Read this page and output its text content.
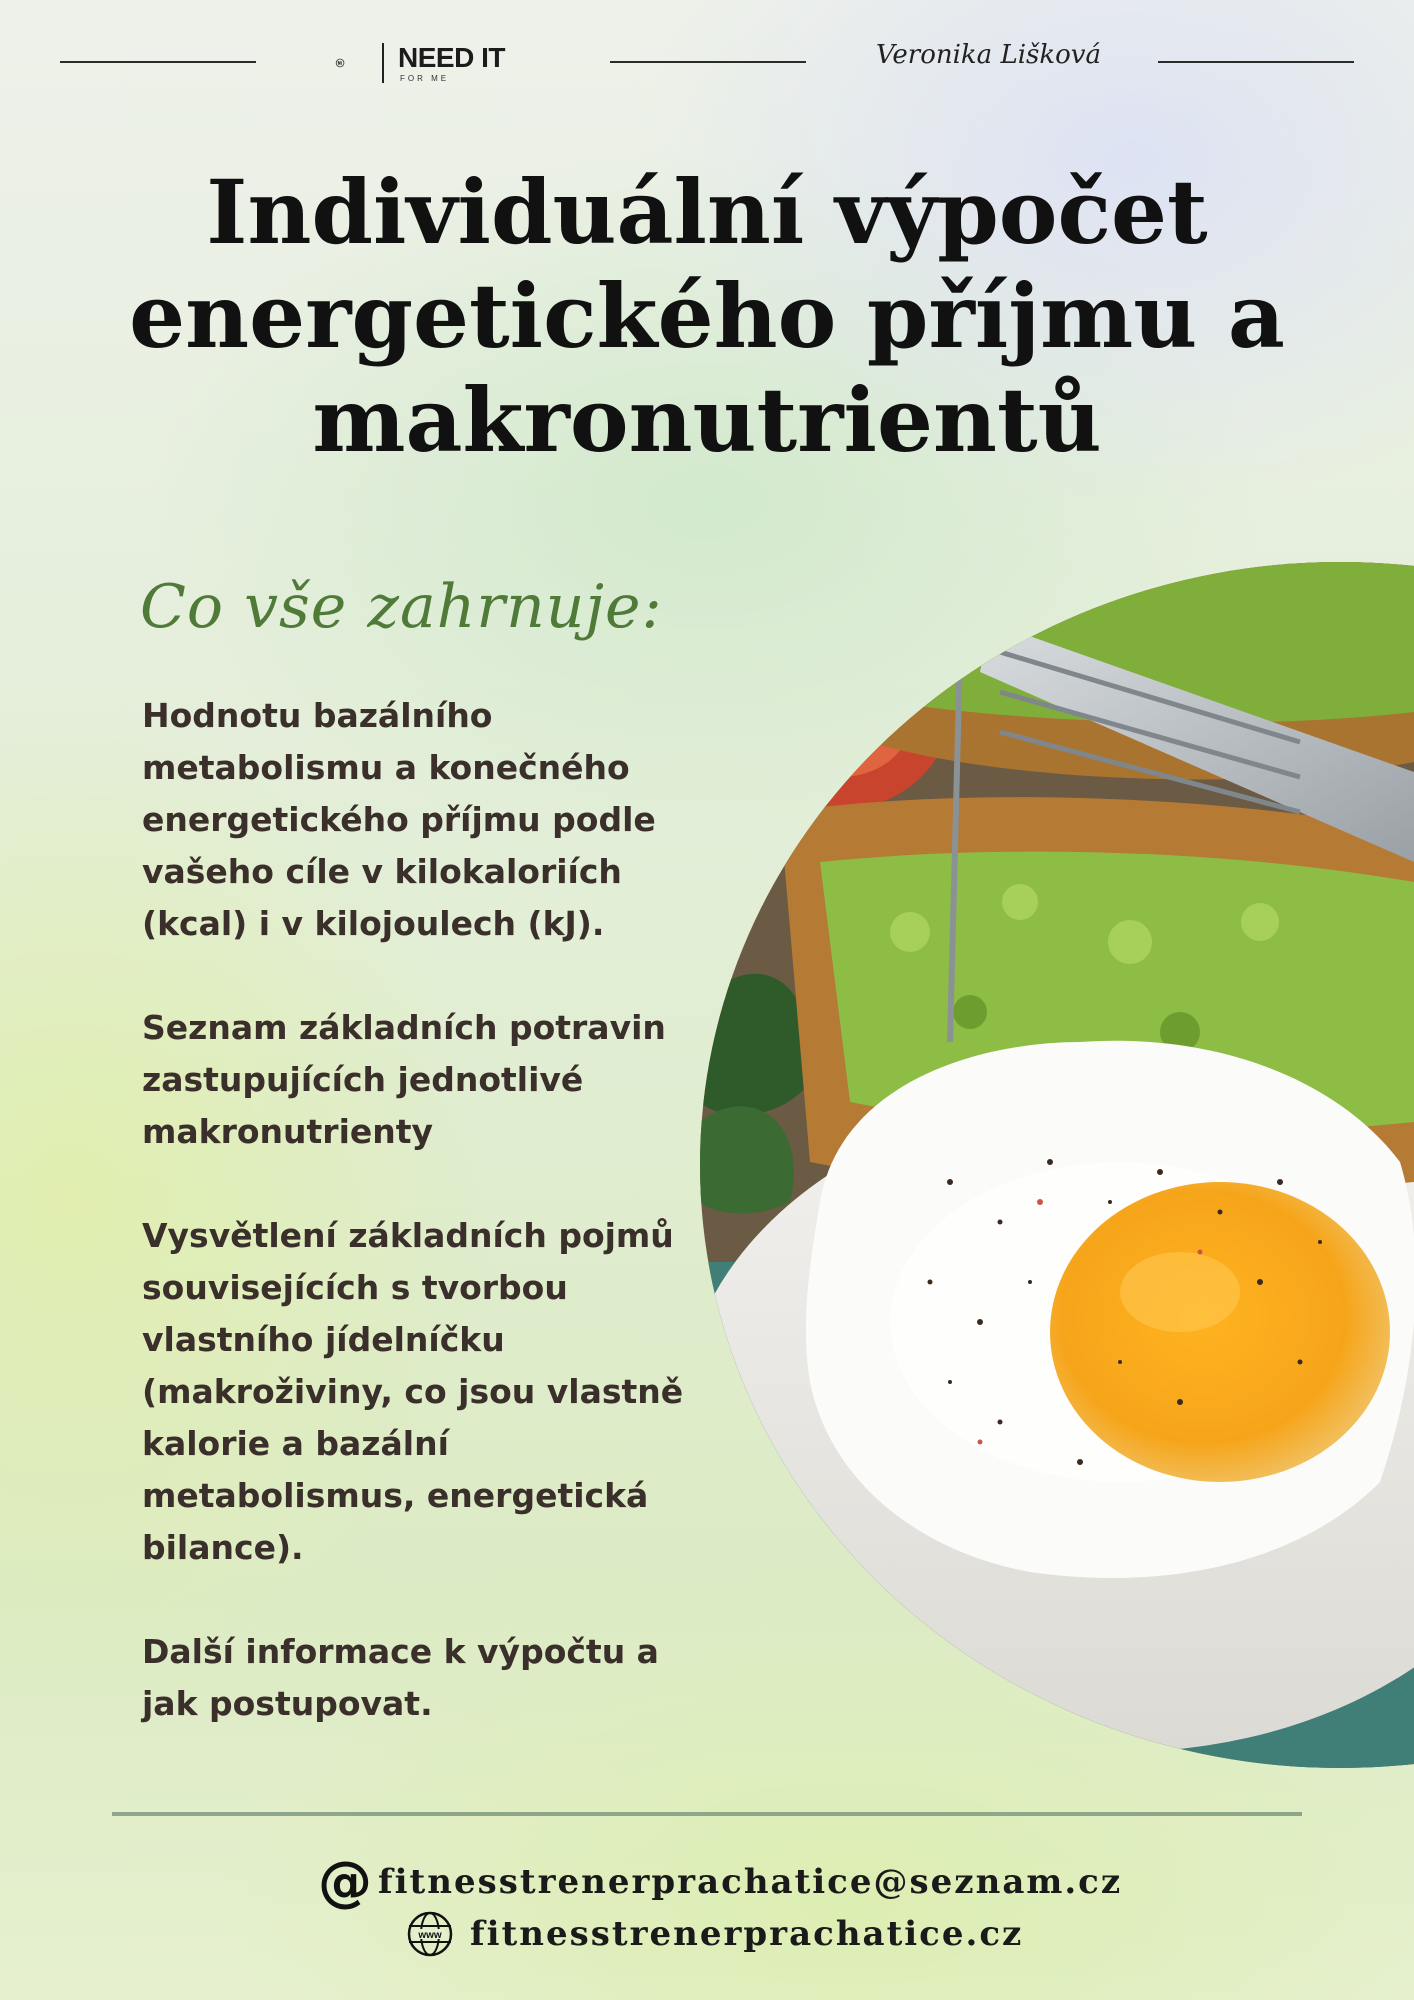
NEED IT
FOR ME
Veronika Lišková
Individuální výpočet energetického příjmu a makronutrientů
Co vše zahrnuje:

Hodnotu bazálního metabolismu a konečného energetického příjmu podle vašeho cíle v kilokaloriích (kcal) i v kilojoulech (kJ).

Seznam základních potravin zastupujících jednotlivé makronutrienty

Vysvětlení základních pojmů souvisejících s tvorbou vlastního jídelníčku (makroživiny, co jsou vlastně kalorie a bazální metabolismus, energetická bilance).

Další informace k výpočtu a jak postupovat.

@ fitnesstrenerprachatice@seznam.cz
www fitnesstrenerprachatice.cz
